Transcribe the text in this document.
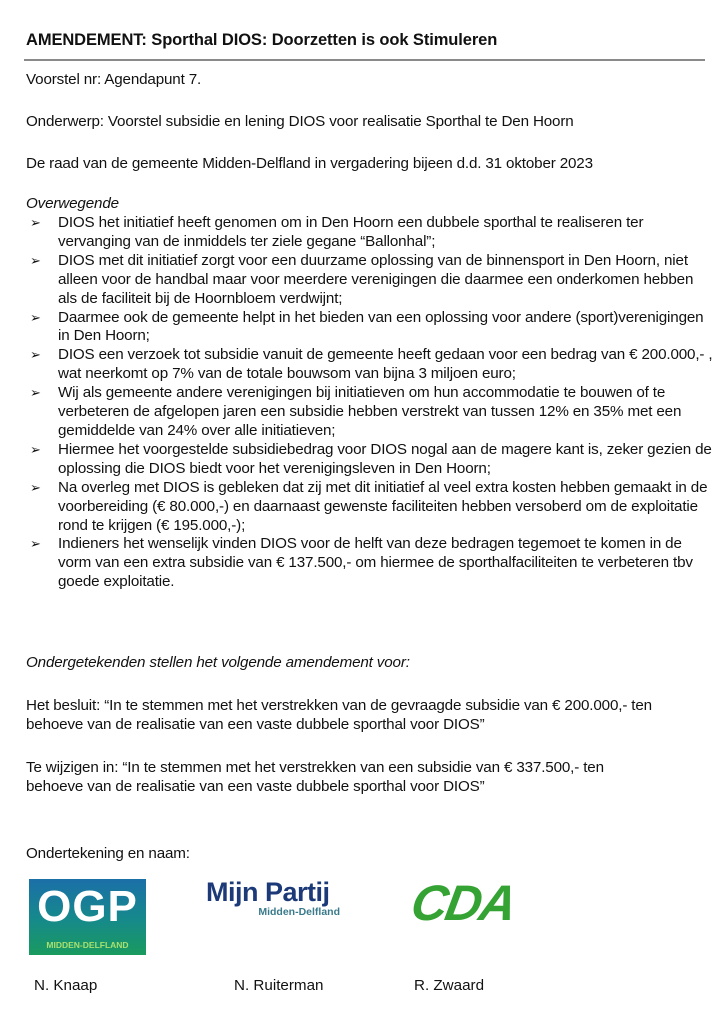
AMENDEMENT: Sporthal DIOS: Doorzetten is ook Stimuleren
Voorstel nr: Agendapunt 7.
Onderwerp: Voorstel subsidie en lening DIOS voor realisatie Sporthal te Den Hoorn
De raad van de gemeente Midden-Delfland in vergadering bijeen d.d. 31 oktober 2023
Overwegende
➢ DIOS het initiatief heeft genomen om in Den Hoorn een dubbele sporthal te realiseren ter vervanging van de inmiddels ter ziele gegane “Ballonhal”;
➢ DIOS met dit initiatief zorgt voor een duurzame oplossing van de binnensport in Den Hoorn, niet alleen voor de handbal maar voor meerdere verenigingen die daarmee een onderkomen hebben als de faciliteit bij de Hoornbloem verdwijnt;
➢ Daarmee ook de gemeente helpt in het bieden van een oplossing voor andere (sport)verenigingen in Den Hoorn;
➢ DIOS een verzoek tot subsidie vanuit de gemeente heeft gedaan voor een bedrag van € 200.000,- , wat neerkomt op 7% van de totale bouwsom van bijna 3 miljoen euro;
➢ Wij als gemeente andere verenigingen bij initiatieven om hun accommodatie te bouwen of te verbeteren de afgelopen jaren een subsidie hebben verstrekt van tussen 12% en 35% met een gemiddelde van 24% over alle initiatieven;
➢ Hiermee het voorgestelde subsidiebedrag voor DIOS nogal aan de magere kant is, zeker gezien de oplossing die DIOS biedt voor het verenigingsleven in Den Hoorn;
➢ Na overleg met DIOS is gebleken dat zij met dit initiatief al veel extra kosten hebben gemaakt in de voorbereiding (€ 80.000,-) en daarnaast gewenste faciliteiten hebben versoberd om de exploitatie rond te krijgen (€ 195.000,-);
➢ Indieners het wenselijk vinden DIOS voor de helft van deze bedragen tegemoet te komen in de vorm van een extra subsidie van € 137.500,- om hiermee de sporthalfaciliteiten te verbeteren tbv goede exploitatie.
Ondergetekenden stellen het volgende amendement voor:
Het besluit: “In te stemmen met het verstrekken van de gevraagde subsidie van € 200.000,- ten
behoeve van de realisatie van een vaste dubbele sporthal voor DIOS”
Te wijzigen in: “In te stemmen met het verstrekken van een subsidie van € 337.500,- ten
behoeve van de realisatie van een vaste dubbele sporthal voor DIOS”
Ondertekening en naam:
OGP
MIDDEN-DELFLAND
Mijn Partij
Midden-Delfland CDA
N. Knaap	N. Ruiterman	R. Zwaard
